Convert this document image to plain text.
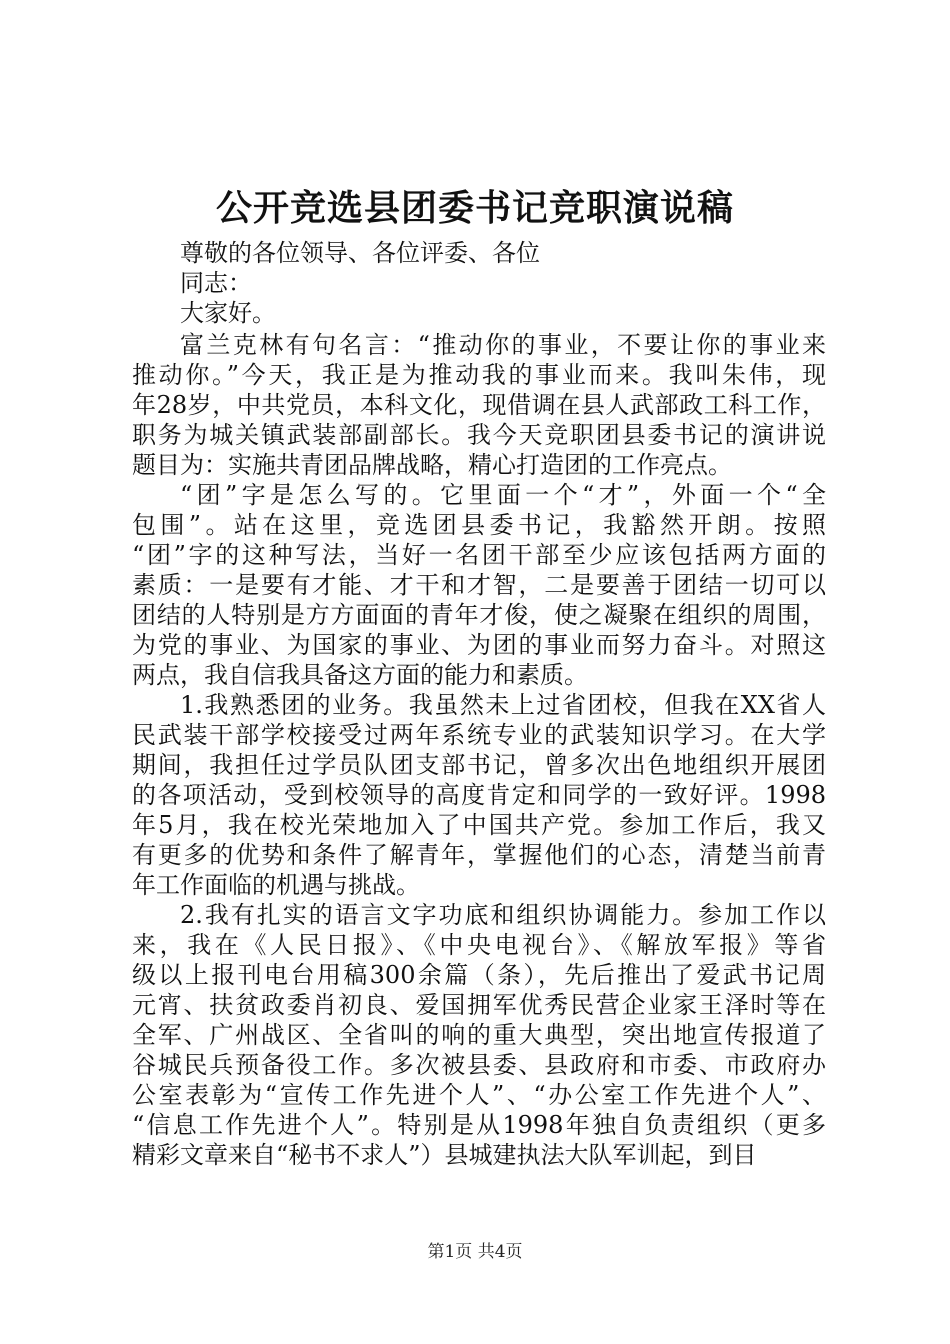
公开竞选县团委书记竞职演说稿
尊敬的各位领导、各位评委、各位
同志：
大家好。
富兰克林有句名言：“推动你的事业，不要让你的事业来
推动你。”今天，我正是为推动我的事业而来。我叫朱伟，现
年28岁，中共党员，本科文化，现借调在县人武部政工科工作，
职务为城关镇武装部副部长。我今天竞职团县委书记的演讲说
题目为：实施共青团品牌战略，精心打造团的工作亮点。
“团”字是怎么写的。它里面一个“才”，外面一个“全
包围”。站在这里，竞选团县委书记，我豁然开朗。按照
“团”字的这种写法，当好一名团干部至少应该包括两方面的
素质：一是要有才能、才干和才智，二是要善于团结一切可以
团结的人特别是方方面面的青年才俊，使之凝聚在组织的周围，
为党的事业、为国家的事业、为团的事业而努力奋斗。对照这
两点，我自信我具备这方面的能力和素质。
1.我熟悉团的业务。我虽然未上过省团校，但我在XX省人
民武装干部学校接受过两年系统专业的武装知识学习。在大学
期间，我担任过学员队团支部书记，曾多次出色地组织开展团
的各项活动，受到校领导的高度肯定和同学的一致好评。1998
年5月，我在校光荣地加入了中国共产党。参加工作后，我又
有更多的优势和条件了解青年，掌握他们的心态，清楚当前青
年工作面临的机遇与挑战。
2.我有扎实的语言文字功底和组织协调能力。参加工作以
来，我在《人民日报》、《中央电视台》、《解放军报》等省
级以上报刊电台用稿300余篇（条），先后推出了爱武书记周
元宵、扶贫政委肖初良、爱国拥军优秀民营企业家王泽时等在
全军、广州战区、全省叫的响的重大典型，突出地宣传报道了
谷城民兵预备役工作。多次被县委、县政府和市委、市政府办
公室表彰为“宣传工作先进个人”、“办公室工作先进个人”、
“信息工作先进个人”。特别是从1998年独自负责组织（更多
精彩文章来自“秘书不求人”）县城建执法大队军训起，到目
第1页 共4页
